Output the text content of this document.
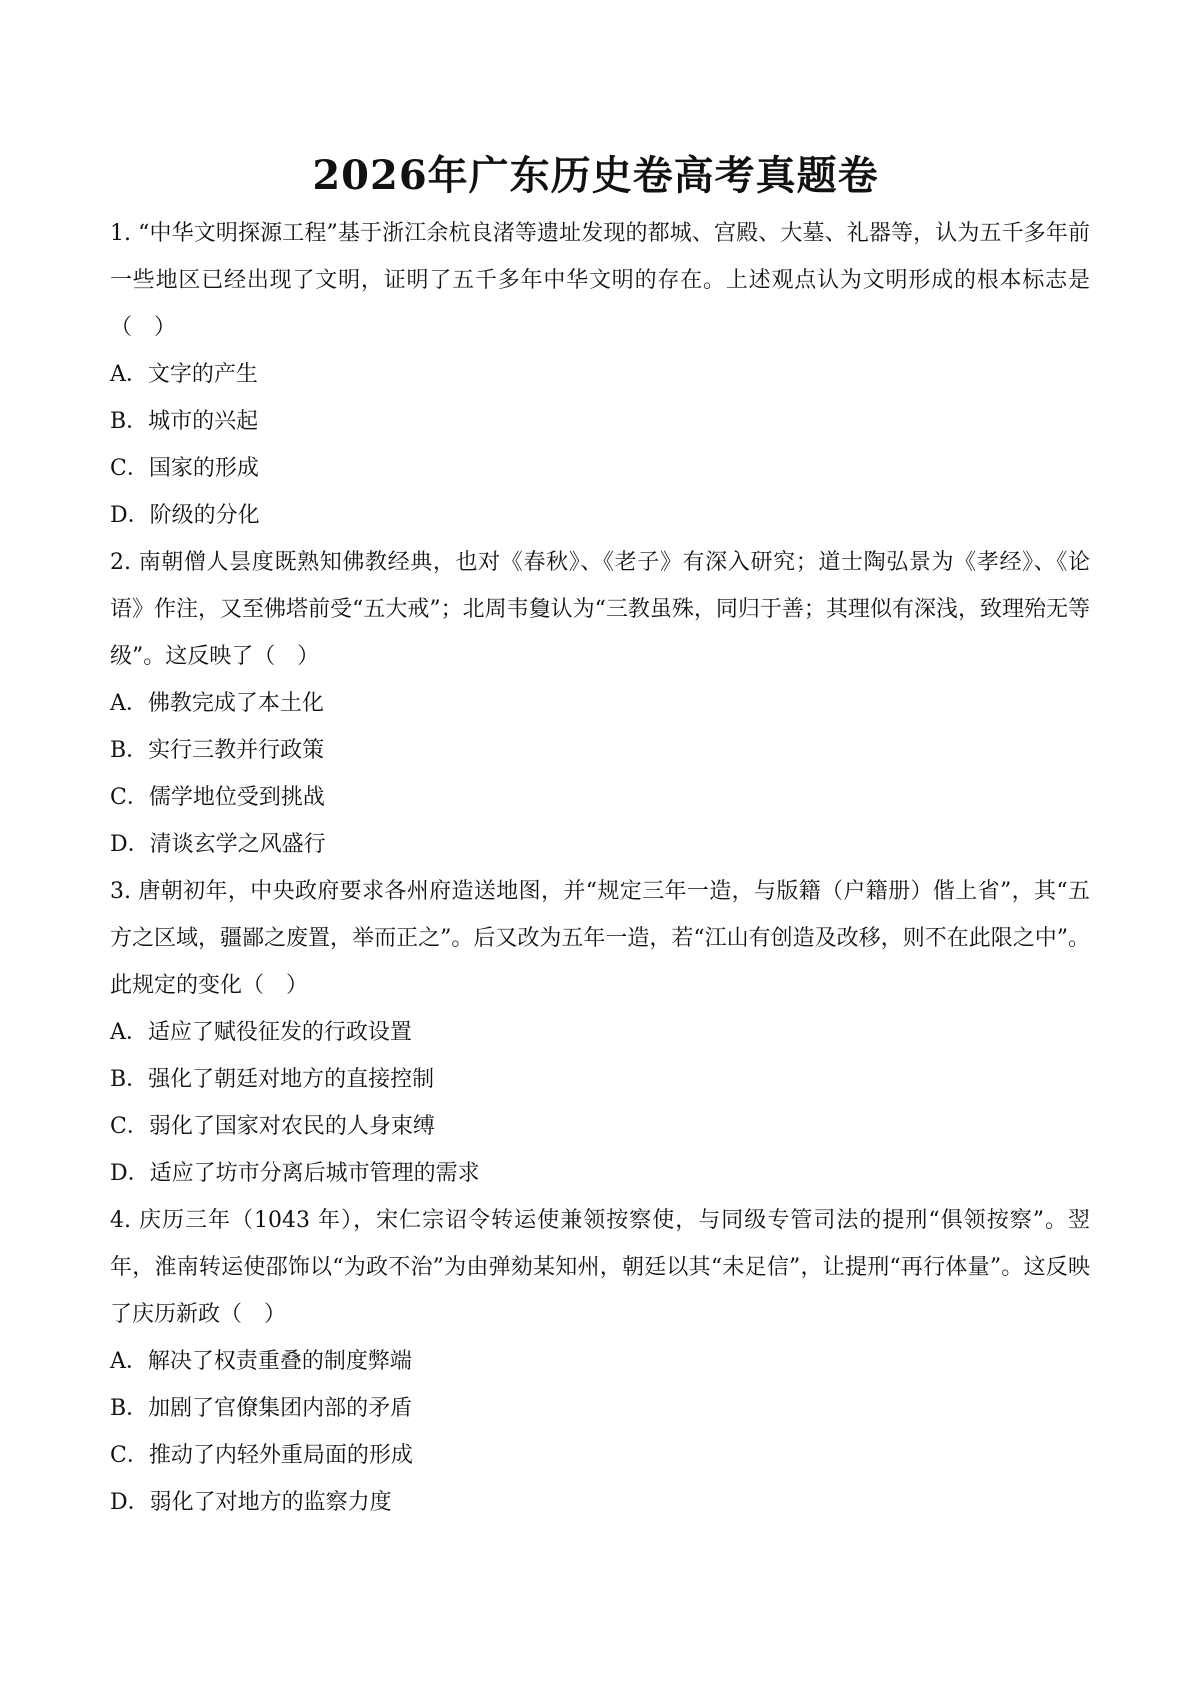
2026年广东历史卷高考真题卷
1. “中华文明探源工程”基于浙江余杭良渚等遗址发现的都城、宫殿、大墓、礼器等，认为五千多年前一些地区已经出现了文明，证明了五千多年中华文明的存在。上述观点认为文明形成的根本标志是（　）
A．文字的产生
B．城市的兴起
C．国家的形成
D．阶级的分化
2. 南朝僧人昙度既熟知佛教经典，也对《春秋》、《老子》有深入研究；道士陶弘景为《孝经》、《论语》作注，又至佛塔前受“五大戒”；北周韦敻认为“三教虽殊，同归于善；其理似有深浅，致理殆无等级”。这反映了（　）
A．佛教完成了本土化
B．实行三教并行政策
C．儒学地位受到挑战
D．清谈玄学之风盛行
3. 唐朝初年，中央政府要求各州府造送地图，并“规定三年一造，与版籍（户籍册）偕上省”，其“五方之区域，疆鄙之废置，举而正之”。后又改为五年一造，若“江山有创造及改移，则不在此限之中”。此规定的变化（　）
A．适应了赋役征发的行政设置
B．强化了朝廷对地方的直接控制
C．弱化了国家对农民的人身束缚
D．适应了坊市分离后城市管理的需求
4. 庆历三年（1043 年），宋仁宗诏令转运使兼领按察使，与同级专管司法的提刑“俱领按察”。翌年，淮南转运使邵饰以“为政不治”为由弹劾某知州，朝廷以其“未足信”，让提刑“再行体量”。这反映了庆历新政（　）
A．解决了权责重叠的制度弊端
B．加剧了官僚集团内部的矛盾
C．推动了内轻外重局面的形成
D．弱化了对地方的监察力度
